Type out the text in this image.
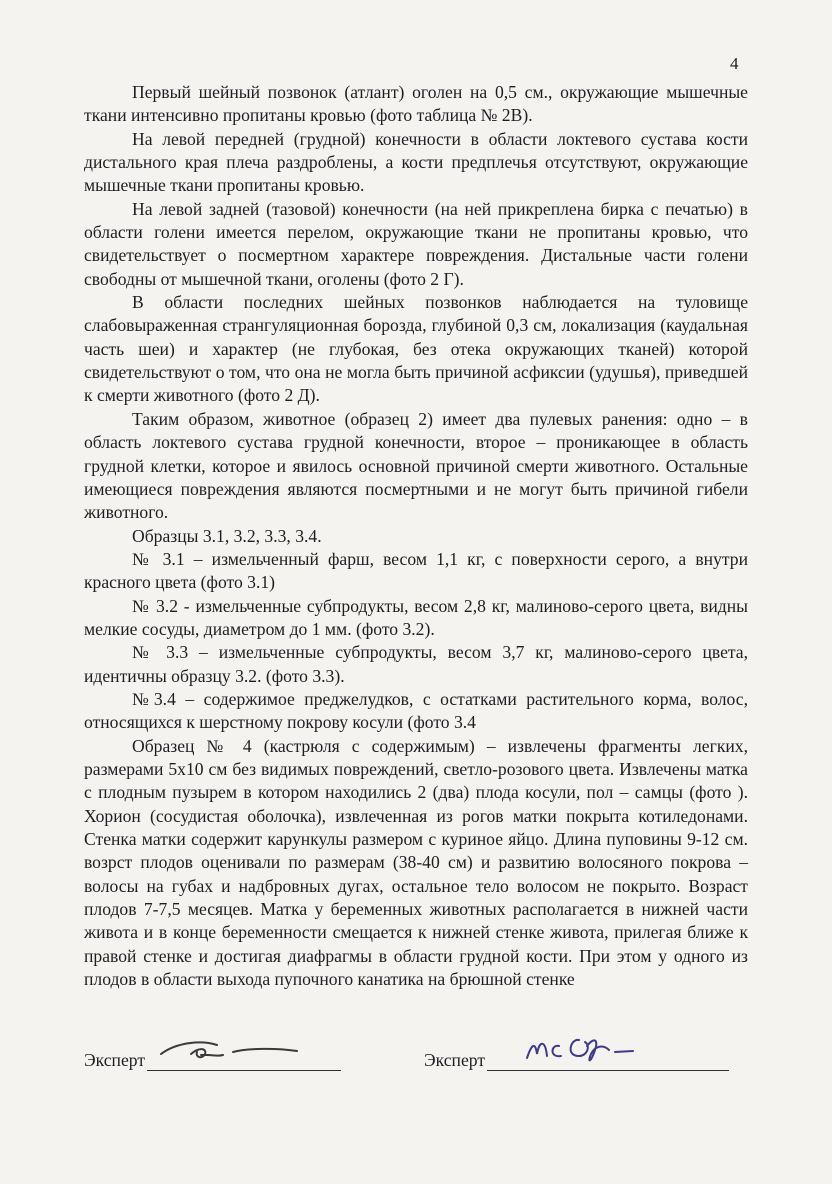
4

Первый шейный позвонок (атлант) оголен на 0,5 см., окружающие мышечные ткани интенсивно пропитаны кровью (фото таблица № 2В).

На левой передней (грудной) конечности в области локтевого сустава кости дистального края плеча раздроблены, а кости предплечья отсутствуют, окружающие мышечные ткани пропитаны кровью.

На левой задней (тазовой) конечности (на ней прикреплена бирка с печатью) в области голени имеется перелом, окружающие ткани не пропитаны кровью, что свидетельствует о посмертном характере повреждения. Дистальные части голени свободны от мышечной ткани, оголены (фото 2 Г).

В области последних шейных позвонков наблюдается на туловище слабовыраженная странгуляционная борозда, глубиной 0,3 см, локализация (каудальная часть шеи) и характер (не глубокая, без отека окружающих тканей) которой свидетельствуют о том, что она не могла быть причиной асфиксии (удушья), приведшей к смерти животного (фото 2 Д).

Таким образом, животное (образец 2) имеет два пулевых ранения: одно – в область локтевого сустава грудной конечности, второе – проникающее в область грудной клетки, которое и явилось основной причиной смерти животного. Остальные имеющиеся повреждения являются посмертными и не могут быть причиной гибели животного.

Образцы 3.1, 3.2, 3.3, 3.4.

№ 3.1 – измельченный фарш, весом 1,1 кг, с поверхности серого, а внутри красного цвета (фото 3.1)

№ 3.2 - измельченные субпродукты, весом 2,8 кг, малиново-серого цвета, видны мелкие сосуды, диаметром до 1 мм. (фото 3.2).

№ 3.3 – измельченные субпродукты, весом 3,7 кг, малиново-серого цвета, идентичны образцу 3.2. (фото 3.3).

№3.4 – содержимое преджелудков, с остатками растительного корма, волос, относящихся к шерстному покрову косули (фото 3.4

Образец № 4 (кастрюля с содержимым) – извлечены фрагменты легких, размерами 5х10 см без видимых повреждений, светло-розового цвета. Извлечены матка с плодным пузырем в котором находились 2 (два) плода косули, пол – самцы (фото ). Хорион (сосудистая оболочка), извлеченная из рогов матки покрыта котиледонами. Стенка матки содержит карункулы размером с куриное яйцо. Длина пуповины 9-12 см. возрст плодов оценивали по размерам (38-40 см) и развитию волосяного покрова – волосы на губах и надбровных дугах, остальное тело волосом не покрыто. Возраст плодов 7-7,5 месяцев. Матка у беременных животных располагается в нижней части живота и в конце беременности смещается к нижней стенке живота, прилегая ближе к правой стенке и достигая диафрагмы в области грудной кости. При этом у одного из плодов в области выхода пупочного канатика на брюшной стенке

Эксперт	Эксперт
